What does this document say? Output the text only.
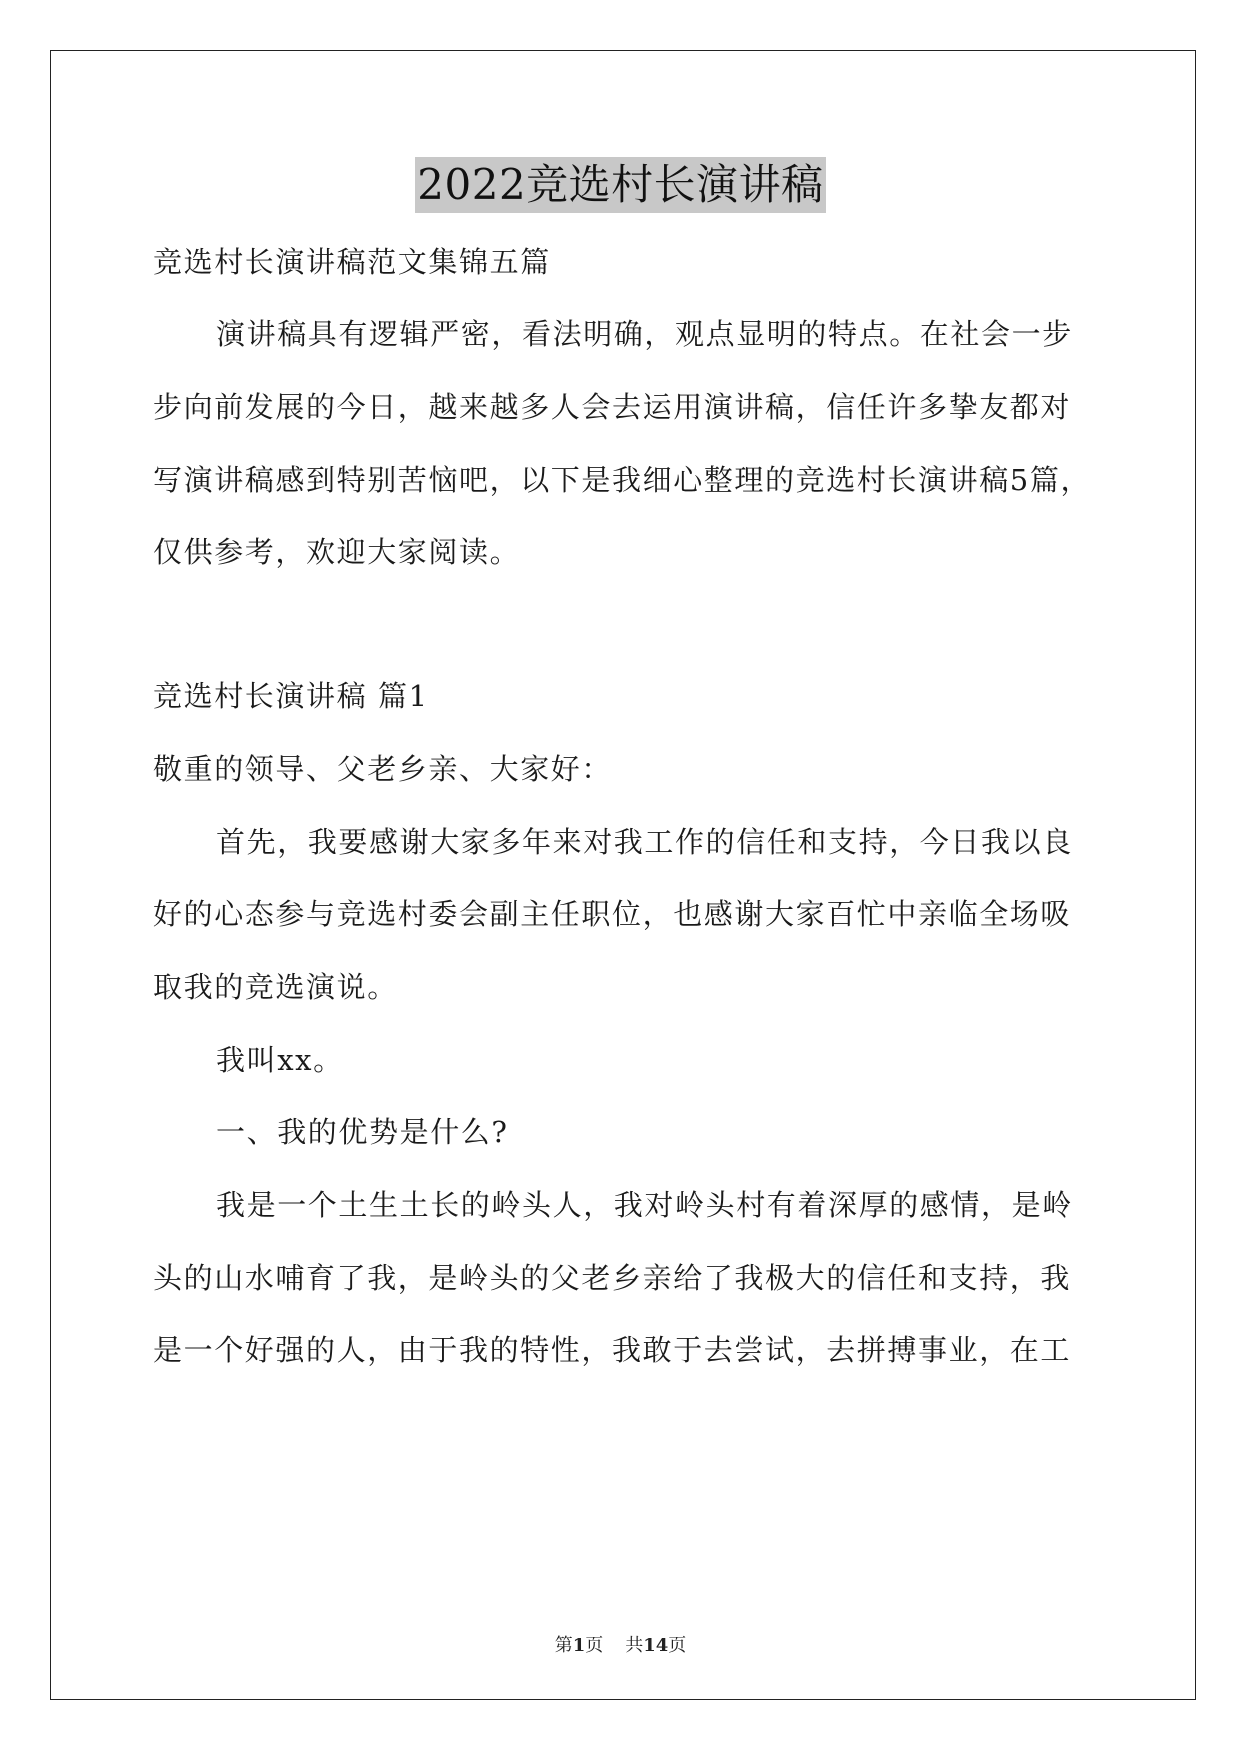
2022竞选村长演讲稿
竞选村长演讲稿范文集锦五篇
演讲稿具有逻辑严密，看法明确，观点显明的特点。在社会一步
步向前发展的今日，越来越多人会去运用演讲稿，信任许多挚友都对
写演讲稿感到特别苦恼吧，以下是我细心整理的竞选村长演讲稿5篇，
仅供参考，欢迎大家阅读。
竞选村长演讲稿 篇1
敬重的领导、父老乡亲、大家好：
首先，我要感谢大家多年来对我工作的信任和支持，今日我以良
好的心态参与竞选村委会副主任职位，也感谢大家百忙中亲临全场吸
取我的竞选演说。
我叫xx。
一、我的优势是什么?
我是一个土生土长的岭头人，我对岭头村有着深厚的感情，是岭
头的山水哺育了我，是岭头的父老乡亲给了我极大的信任和支持，我
是一个好强的人，由于我的特性，我敢于去尝试，去拼搏事业，在工
第1页 共14页
